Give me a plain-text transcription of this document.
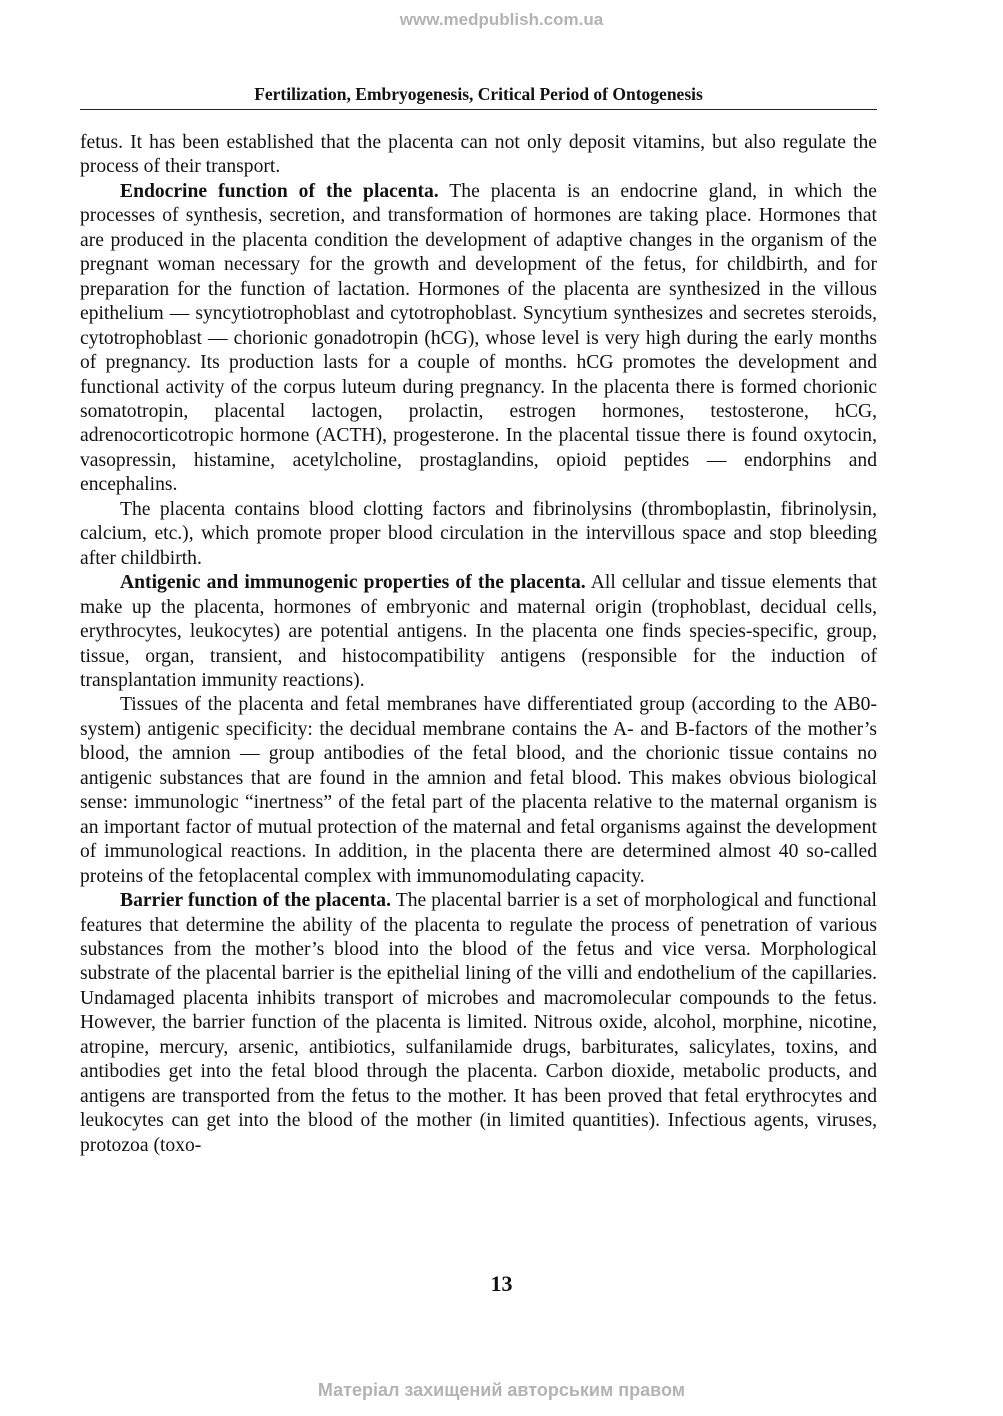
www.medpublish.com.ua
Fertilization, Embryogenesis, Critical Period of Ontogenesis

fetus. It has been established that the placenta can not only deposit vitamins, but also regulate the process of their transport.

Endocrine function of the placenta. The placenta is an endocrine gland, in which the processes of synthesis, secretion, and transformation of hormones are taking place. Hormones that are produced in the placenta condition the development of adaptive changes in the organism of the pregnant woman necessary for the growth and development of the fetus, for childbirth, and for preparation for the function of lactation. Hormones of the placenta are synthesized in the villous epithelium — syncytiotrophoblast and cytotrophoblast. Syncytium synthesizes and secretes steroids, cytotrophoblast — chorionic gonadotropin (hCG), whose level is very high during the early months of pregnancy. Its production lasts for a couple of months. hCG promotes the development and functional activity of the corpus luteum during pregnancy. In the placenta there is formed chorionic somatotropin, placental lactogen, prolactin, estrogen hormones, testosterone, hCG, adrenocorticotropic hormone (ACTH), progesterone. In the placental tissue there is found oxytocin, vasopressin, histamine, acetylcholine, prostaglandins, opioid peptides — endorphins and encephalins.

The placenta contains blood clotting factors and fibrinolysins (thromboplastin, fibrinolysin, calcium, etc.), which promote proper blood circulation in the intervillous space and stop bleeding after childbirth.

Antigenic and immunogenic properties of the placenta. All cellular and tissue elements that make up the placenta, hormones of embryonic and maternal origin (trophoblast, decidual cells, erythrocytes, leukocytes) are potential antigens. In the placenta one finds species-specific, group, tissue, organ, transient, and histocompatibility antigens (responsible for the induction of transplantation immunity reactions).

Tissues of the placenta and fetal membranes have differentiated group (according to the AB0-system) antigenic specificity: the decidual membrane contains the A- and B-factors of the mother’s blood, the amnion — group antibodies of the fetal blood, and the chorionic tissue contains no antigenic substances that are found in the amnion and fetal blood. This makes obvious biological sense: immunologic “inertness” of the fetal part of the placenta relative to the maternal organism is an important factor of mutual protection of the maternal and fetal organisms against the development of immunological reactions. In addition, in the placenta there are determined almost 40 so-called proteins of the fetoplacental complex with immunomodulating capacity.

Barrier function of the placenta. The placental barrier is a set of morphological and functional features that determine the ability of the placenta to regulate the process of penetration of various substances from the mother’s blood into the blood of the fetus and vice versa. Morphological substrate of the placental barrier is the epithelial lining of the villi and endothelium of the capillaries. Undamaged placenta inhibits transport of microbes and macromolecular compounds to the fetus. However, the barrier function of the placenta is limited. Nitrous oxide, alcohol, morphine, nicotine, atropine, mercury, arsenic, antibiotics, sulfanilamide drugs, barbiturates, salicylates, toxins, and antibodies get into the fetal blood through the placenta. Carbon dioxide, metabolic products, and antigens are transported from the fetus to the mother. It has been proved that fetal erythrocytes and leukocytes can get into the blood of the mother (in limited quantities). Infectious agents, viruses, protozoa (toxo-

13
Матеріал захищений авторським правом
